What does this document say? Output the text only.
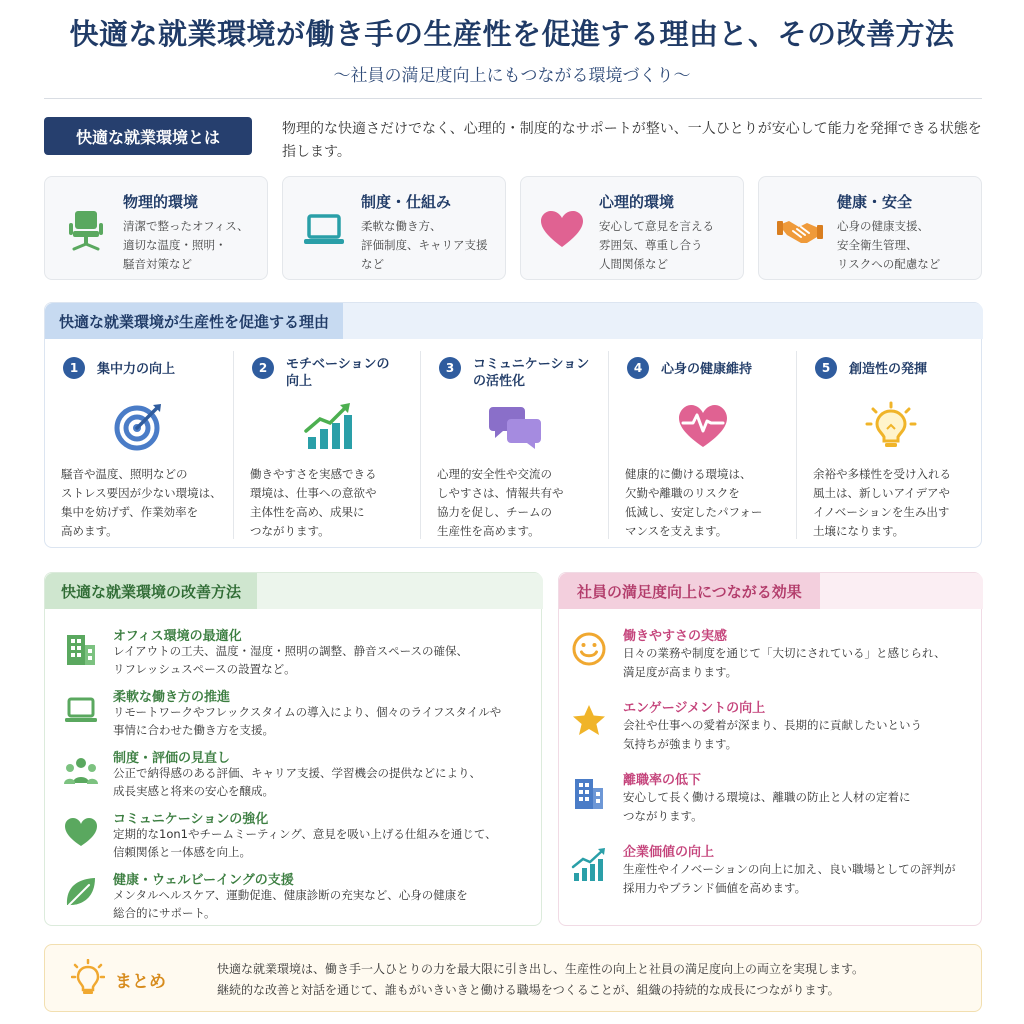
快適な就業環境が働き手の生産性を促進する理由と、その改善方法
〜社員の満足度向上にもつながる環境づくり〜
快適な就業環境とは	物理的な快適さだけでなく、心理的・制度的なサポートが整い、一人ひとりが安心して能力を発揮できる状態を指します。
物理的環境
清潔で整ったオフィス、
適切な温度・照明・
騒音対策など
制度・仕組み
柔軟な働き方、
評価制度、キャリア支援
など
心理的環境
安心して意見を言える
雰囲気、尊重し合う
人間関係など
健康・安全
心身の健康支援、
安全衛生管理、
リスクへの配慮など
快適な就業環境が生産性を促進する理由
1	集中力の向上
騒音や温度、照明などの
ストレス要因が少ない環境は、
集中を妨げず、作業効率を
高めます。
2	モチベーションの
向上
働きやすさを実感できる
環境は、仕事への意欲や
主体性を高め、成果に
つながります。
3	コミュニケーション
の活性化
心理的安全性や交流の
しやすさは、情報共有や
協力を促し、チームの
生産性を高めます。
4	心身の健康維持
健康的に働ける環境は、
欠勤や離職のリスクを
低減し、安定したパフォー
マンスを支えます。
5	創造性の発揮
余裕や多様性を受け入れる
風土は、新しいアイデアや
イノベーションを生み出す
土壌になります。
快適な就業環境の改善方法
オフィス環境の最適化
レイアウトの工夫、温度・湿度・照明の調整、静音スペースの確保、
リフレッシュスペースの設置など。
柔軟な働き方の推進
リモートワークやフレックスタイムの導入により、個々のライフスタイルや
事情に合わせた働き方を支援。
制度・評価の見直し
公正で納得感のある評価、キャリア支援、学習機会の提供などにより、
成長実感と将来の安心を醸成。
コミュニケーションの強化
定期的な1on1やチームミーティング、意見を吸い上げる仕組みを通じて、
信頼関係と一体感を向上。
健康・ウェルビーイングの支援
メンタルヘルスケア、運動促進、健康診断の充実など、心身の健康を
総合的にサポート。
社員の満足度向上につながる効果
働きやすさの実感
日々の業務や制度を通じて「大切にされている」と感じられ、
満足度が高まります。
エンゲージメントの向上
会社や仕事への愛着が深まり、長期的に貢献したいという
気持ちが強まります。
離職率の低下
安心して長く働ける環境は、離職の防止と人材の定着に
つながります。
企業価値の向上
生産性やイノベーションの向上に加え、良い職場としての評判が
採用力やブランド価値を高めます。
まとめ
快適な就業環境は、働き手一人ひとりの力を最大限に引き出し、生産性の向上と社員の満足度向上の両立を実現します。
継続的な改善と対話を通じて、誰もがいきいきと働ける職場をつくることが、組織の持続的な成長につながります。
